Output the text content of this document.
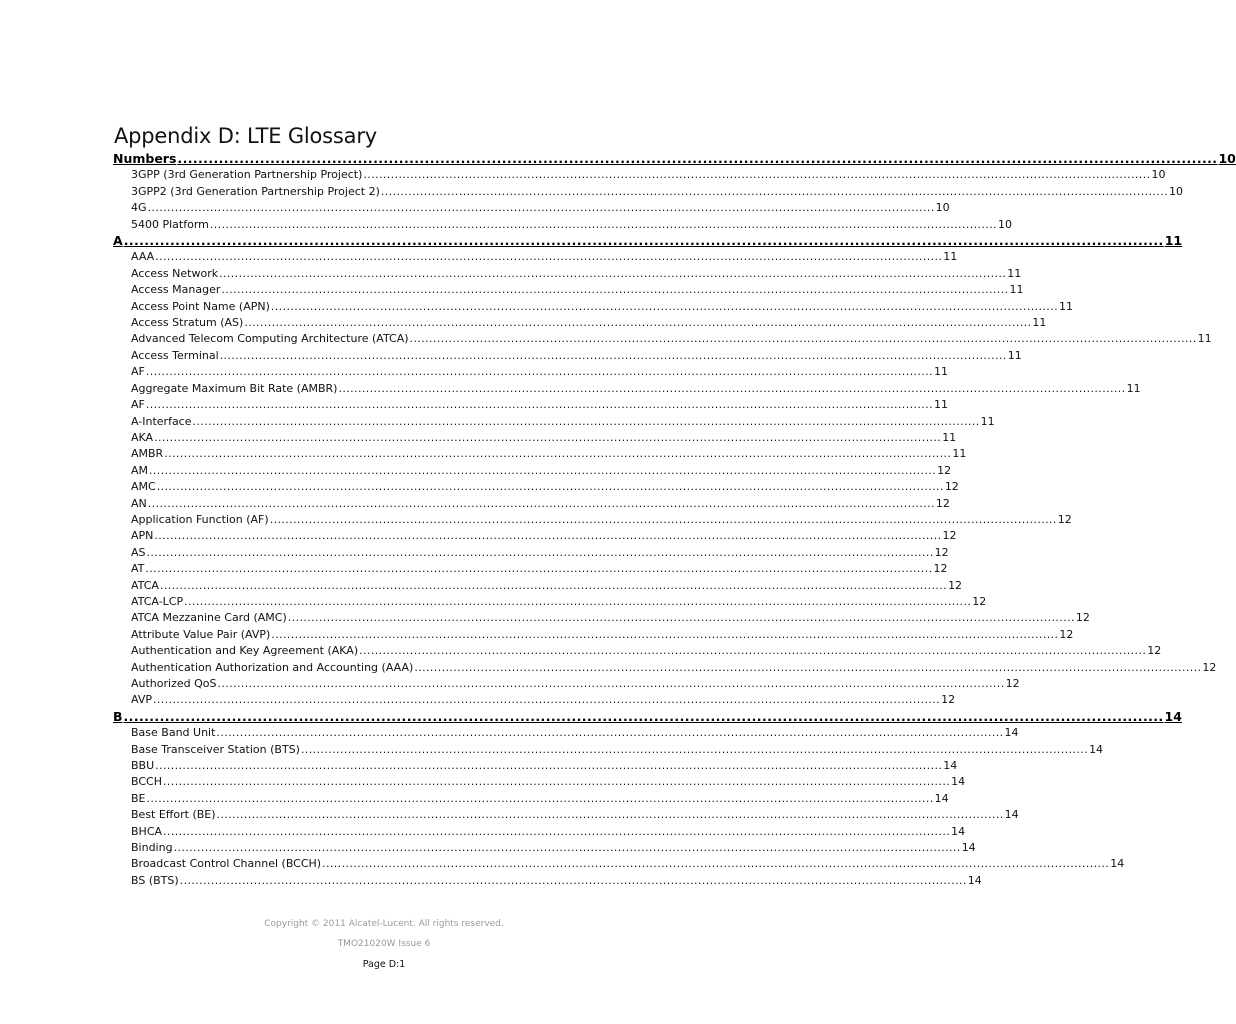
Appendix D: LTE Glossary
Numbers .......................................................................................................................................................................................................... 10
3GPP (3rd Generation Partnership Project) .......................................................................................................................................................................................................... 10
3GPP2 (3rd Generation Partnership Project 2) .......................................................................................................................................................................................................... 10
4G .......................................................................................................................................................................................................... 10
5400 Platform .......................................................................................................................................................................................................... 10
A .......................................................................................................................................................................................................... 11
AAA .......................................................................................................................................................................................................... 11
Access Network .......................................................................................................................................................................................................... 11
Access Manager .......................................................................................................................................................................................................... 11
Access Point Name (APN) .......................................................................................................................................................................................................... 11
Access Stratum (AS) .......................................................................................................................................................................................................... 11
Advanced Telecom Computing Architecture (ATCA) .......................................................................................................................................................................................................... 11
Access Terminal .......................................................................................................................................................................................................... 11
AF .......................................................................................................................................................................................................... 11
Aggregate Maximum Bit Rate (AMBR) .......................................................................................................................................................................................................... 11
AF .......................................................................................................................................................................................................... 11
A-Interface .......................................................................................................................................................................................................... 11
AKA .......................................................................................................................................................................................................... 11
AMBR .......................................................................................................................................................................................................... 11
AM .......................................................................................................................................................................................................... 12
AMC .......................................................................................................................................................................................................... 12
AN .......................................................................................................................................................................................................... 12
Application Function (AF) .......................................................................................................................................................................................................... 12
APN .......................................................................................................................................................................................................... 12
AS .......................................................................................................................................................................................................... 12
AT .......................................................................................................................................................................................................... 12
ATCA .......................................................................................................................................................................................................... 12
ATCA-LCP .......................................................................................................................................................................................................... 12
ATCA Mezzanine Card (AMC) .......................................................................................................................................................................................................... 12
Attribute Value Pair (AVP) .......................................................................................................................................................................................................... 12
Authentication and Key Agreement (AKA) .......................................................................................................................................................................................................... 12
Authentication Authorization and Accounting (AAA) .......................................................................................................................................................................................................... 12
Authorized QoS .......................................................................................................................................................................................................... 12
AVP .......................................................................................................................................................................................................... 12
B .......................................................................................................................................................................................................... 14
Base Band Unit .......................................................................................................................................................................................................... 14
Base Transceiver Station (BTS) .......................................................................................................................................................................................................... 14
BBU .......................................................................................................................................................................................................... 14
BCCH .......................................................................................................................................................................................................... 14
BE .......................................................................................................................................................................................................... 14
Best Effort (BE) .......................................................................................................................................................................................................... 14
BHCA .......................................................................................................................................................................................................... 14
Binding .......................................................................................................................................................................................................... 14
Broadcast Control Channel (BCCH) .......................................................................................................................................................................................................... 14
BS (BTS) .......................................................................................................................................................................................................... 14
Copyright © 2011 Alcatel-Lucent. All rights reserved.
TMO21020W Issue 6
Page D:1
